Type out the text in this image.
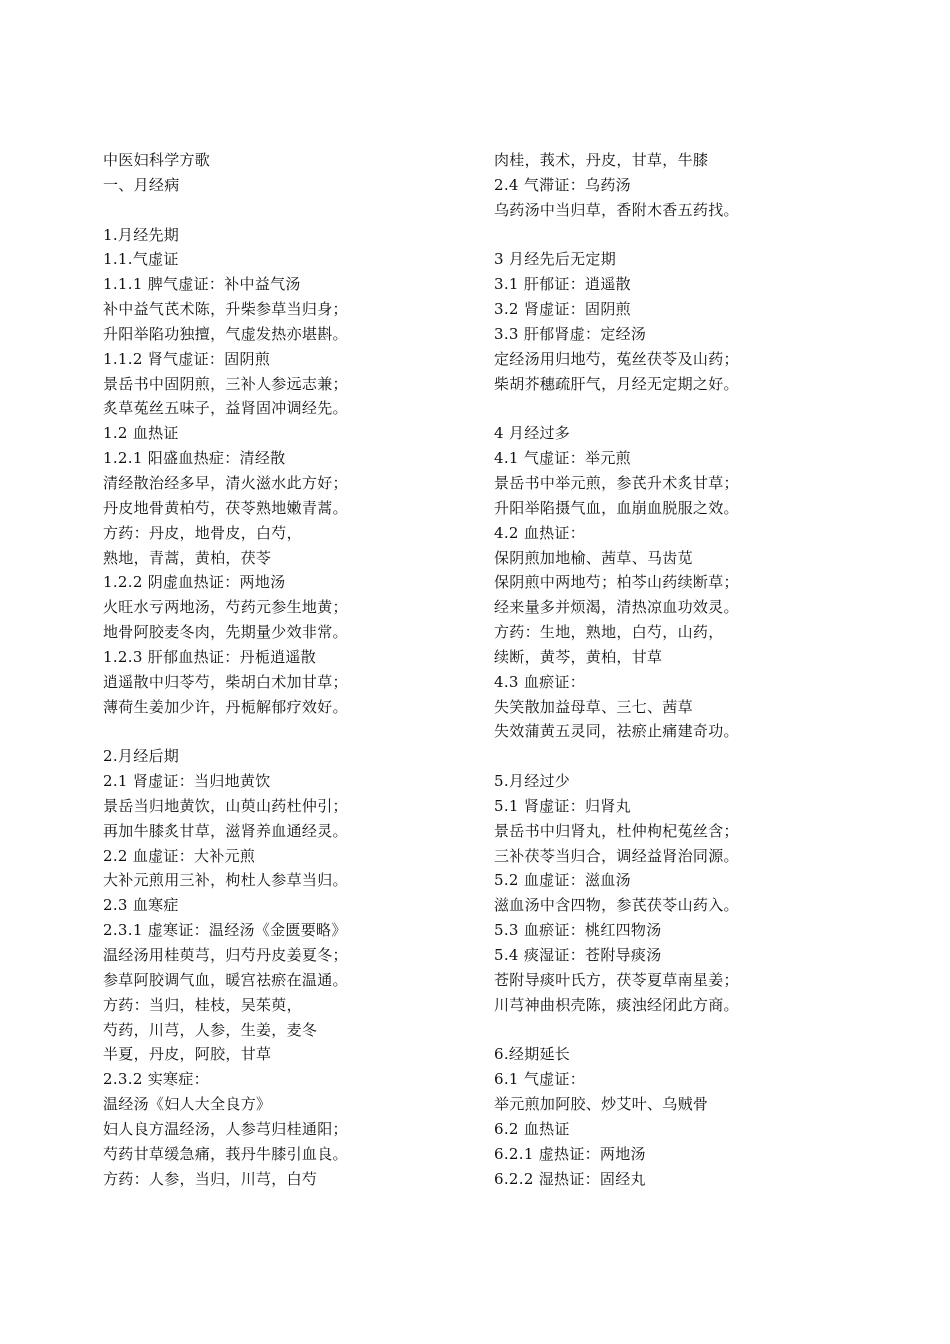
中医妇科学方歌
一、月经病
1.月经先期
1.1.气虚证
1.1.1 脾气虚证：补中益气汤
补中益气芪术陈，升柴参草当归身；
升阳举陷功独擅，气虚发热亦堪斟。
1.1.2 肾气虚证：固阴煎
景岳书中固阴煎，三补人参远志兼；
炙草菟丝五味子，益肾固冲调经先。
1.2 血热证
1.2.1 阳盛血热症：清经散
清经散治经多早，清火滋水此方好；
丹皮地骨黄柏芍，茯苓熟地嫩青蒿。
方药：丹皮，地骨皮，白芍，
熟地，青蒿，黄柏，茯苓
1.2.2 阴虚血热证：两地汤
火旺水亏两地汤，芍药元参生地黄；
地骨阿胶麦冬肉，先期量少效非常。
1.2.3 肝郁血热证：丹栀逍遥散
逍遥散中归苓芍，柴胡白术加甘草；
薄荷生姜加少许，丹栀解郁疗效好。
2.月经后期
2.1 肾虚证：当归地黄饮
景岳当归地黄饮，山萸山药杜仲引；
再加牛膝炙甘草，滋肾养血通经灵。
2.2 血虚证：大补元煎
大补元煎用三补，枸杜人参草当归。
2.3 血寒症
2.3.1 虚寒证：温经汤《金匮要略》
温经汤用桂萸芎，归芍丹皮姜夏冬；
参草阿胶调气血，暖宫祛瘀在温通。
方药：当归，桂枝，吴茱萸，
芍药，川芎，人参，生姜，麦冬
半夏，丹皮，阿胶，甘草
2.3.2 实寒症：
温经汤《妇人大全良方》
妇人良方温经汤，人参芎归桂通阳；
芍药甘草缓急痛，莪丹牛膝引血良。
方药：人参，当归，川芎，白芍
肉桂，莪术，丹皮，甘草，牛膝
2.4 气滞证：乌药汤
乌药汤中当归草，香附木香五药找。
3 月经先后无定期
3.1 肝郁证：逍遥散
3.2 肾虚证：固阴煎
3.3 肝郁肾虚：定经汤
定经汤用归地芍，菟丝茯苓及山药；
柴胡芥穗疏肝气，月经无定期之好。
4 月经过多
4.1 气虚证：举元煎
景岳书中举元煎，参芪升术炙甘草；
升阳举陷摄气血，血崩血脱服之效。
4.2 血热证：
保阴煎加地榆、茜草、马齿苋
保阴煎中两地芍；柏芩山药续断草；
经来量多并烦渴，清热凉血功效灵。
方药：生地，熟地，白芍，山药，
续断，黄芩，黄柏，甘草
4.3 血瘀证：
失笑散加益母草、三七、茜草
失效蒲黄五灵同，祛瘀止痛建奇功。
5.月经过少
5.1 肾虚证：归肾丸
景岳书中归肾丸，杜仲枸杞菟丝含；
三补茯苓当归合，调经益肾治同源。
5.2 血虚证：滋血汤
滋血汤中含四物，参芪茯苓山药入。
5.3 血瘀证：桃红四物汤
5.4 痰湿证：苍附导痰汤
苍附导痰叶氏方，茯苓夏草南星姜；
川芎神曲枳壳陈，痰浊经闭此方商。
6.经期延长
6.1 气虚证：
举元煎加阿胶、炒艾叶、乌贼骨
6.2 血热证
6.2.1 虚热证：两地汤
6.2.2 湿热证：固经丸
